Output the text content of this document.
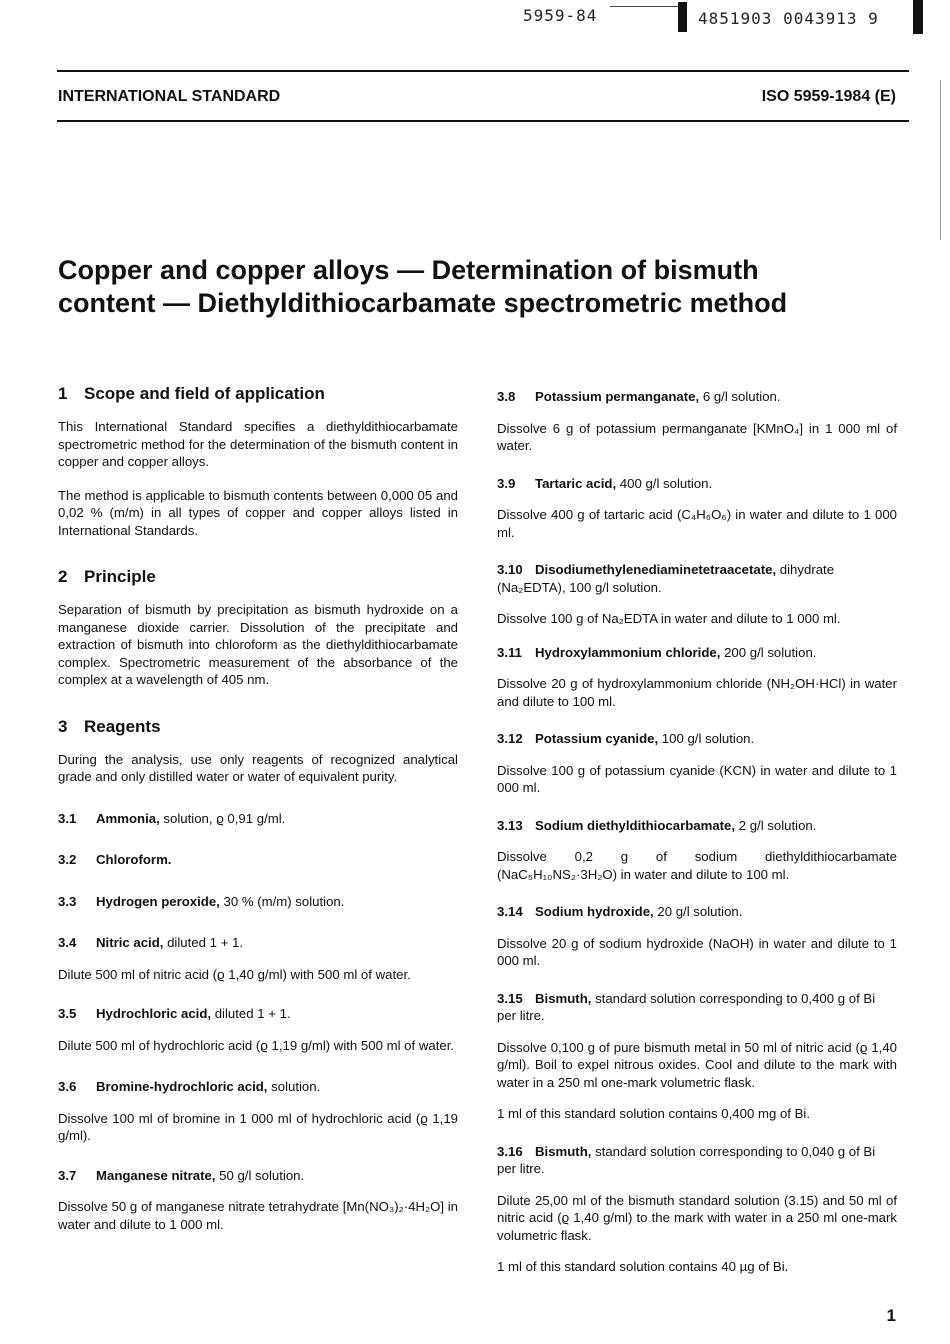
5959-84	4851903 0043913 9
INTERNATIONAL STANDARD	ISO 5959-1984 (E)
Copper and copper alloys — Determination of bismuth
content — Diethyldithiocarbamate spectrometric method
1 Scope and field of application

This International Standard specifies a diethyldithiocarbamate spectrometric method for the determination of the bismuth content in copper and copper alloys.

The method is applicable to bismuth contents between 0,000 05 and 0,02 % (m/m) in all types of copper and copper alloys listed in International Standards.

2 Principle

Separation of bismuth by precipitation as bismuth hydroxide on a manganese dioxide carrier. Dissolution of the precipitate and extraction of bismuth into chloroform as the diethyldithiocarbamate complex. Spectrometric measurement of the absorbance of the complex at a wavelength of 405 nm.

3 Reagents

During the analysis, use only reagents of recognized analytical grade and only distilled water or water of equivalent purity.

3.1 Ammonia, solution, ϱ 0,91 g/ml.
3.2 Chloroform.
3.3 Hydrogen peroxide, 30 % (m/m) solution.
3.4 Nitric acid, diluted 1 + 1.

Dilute 500 ml of nitric acid (ϱ 1,40 g/ml) with 500 ml of water.

3.5 Hydrochloric acid, diluted 1 + 1.

Dilute 500 ml of hydrochloric acid (ϱ 1,19 g/ml) with 500 ml of water.

3.6 Bromine-hydrochloric acid, solution.

Dissolve 100 ml of bromine in 1 000 ml of hydrochloric acid (ϱ 1,19 g/ml).

3.7 Manganese nitrate, 50 g/l solution.

Dissolve 50 g of manganese nitrate tetrahydrate [Mn(NO₃)₂·4H₂O] in water and dilute to 1 000 ml.

3.8 Potassium permanganate, 6 g/l solution.

Dissolve 6 g of potassium permanganate [KMnO₄] in 1 000 ml of water.

3.9 Tartaric acid, 400 g/l solution.

Dissolve 400 g of tartaric acid (C₄H₆O₆) in water and dilute to 1 000 ml.

3.10 Disodiumethylenediaminetetraacetate, dihydrate (Na₂EDTA), 100 g/l solution.

Dissolve 100 g of Na₂EDTA in water and dilute to 1 000 ml.

3.11 Hydroxylammonium chloride, 200 g/l solution.

Dissolve 20 g of hydroxylammonium chloride (NH₂OH·HCl) in water and dilute to 100 ml.

3.12 Potassium cyanide, 100 g/l solution.

Dissolve 100 g of potassium cyanide (KCN) in water and dilute to 1 000 ml.

3.13 Sodium diethyldithiocarbamate, 2 g/l solution.

Dissolve 0,2 g of sodium diethyldithiocarbamate (NaC₅H₁₀NS₂·3H₂O) in water and dilute to 100 ml.

3.14 Sodium hydroxide, 20 g/l solution.

Dissolve 20 g of sodium hydroxide (NaOH) in water and dilute to 1 000 ml.

3.15 Bismuth, standard solution corresponding to 0,400 g of Bi per litre.

Dissolve 0,100 g of pure bismuth metal in 50 ml of nitric acid (ϱ 1,40 g/ml). Boil to expel nitrous oxides. Cool and dilute to the mark with water in a 250 ml one-mark volumetric flask.

1 ml of this standard solution contains 0,400 mg of Bi.

3.16 Bismuth, standard solution corresponding to 0,040 g of Bi per litre.

Dilute 25,00 ml of the bismuth standard solution (3.15) and 50 ml of nitric acid (ϱ 1,40 g/ml) to the mark with water in a 250 ml one-mark volumetric flask.

1 ml of this standard solution contains 40 µg of Bi.

1
